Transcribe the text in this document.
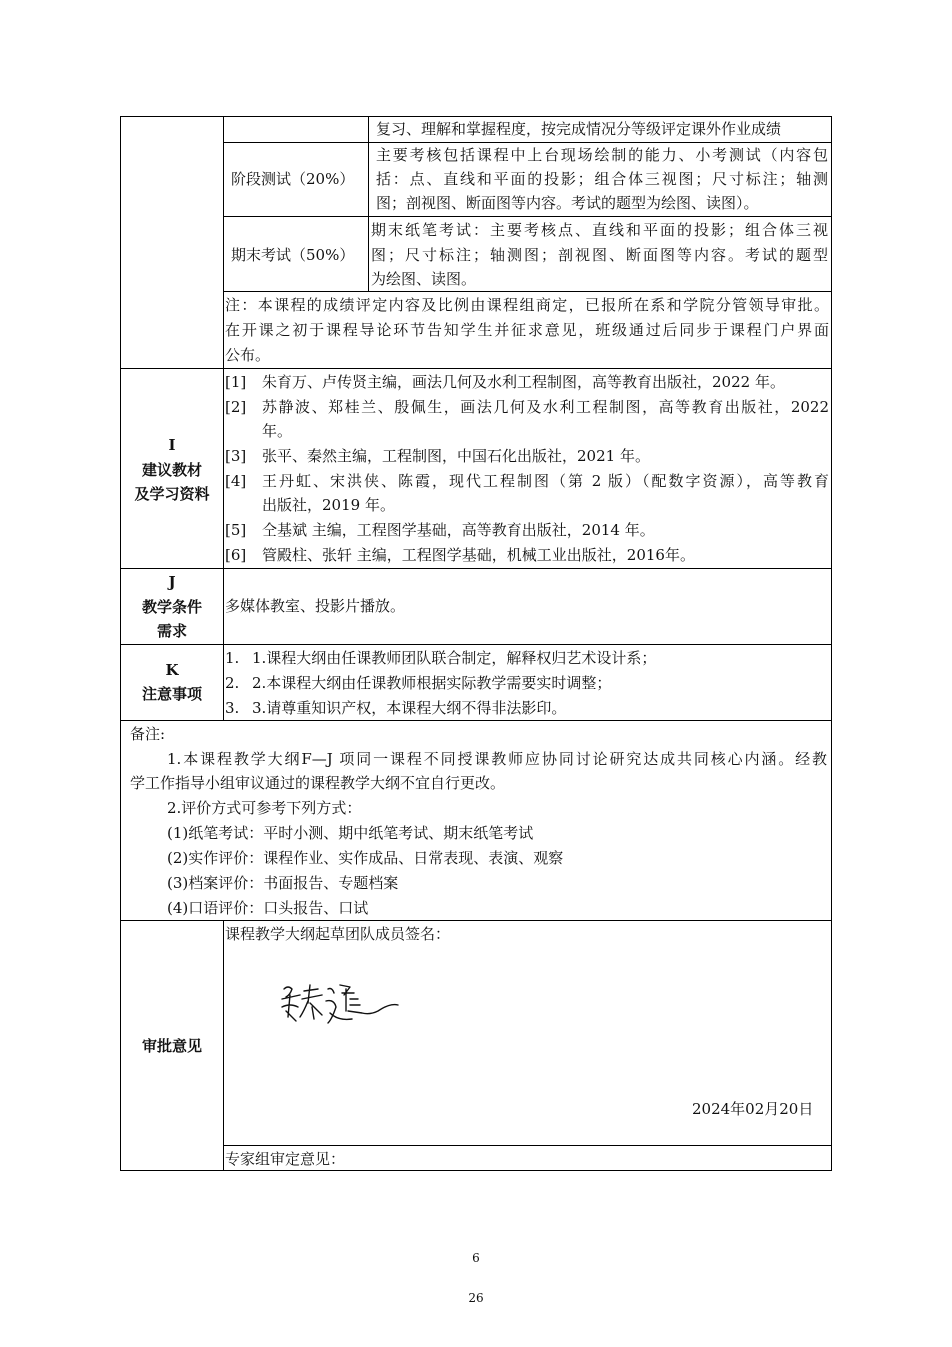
复习、理解和掌握程度，按完成情况分等级评定课外作业成绩
阶段测试（20%）
主要考核包括课程中上台现场绘制的能力、小考测试（内容包
括：点、直线和平面的投影；组合体三视图；尺寸标注；轴测
图；剖视图、断面图等内容。考试的题型为绘图、读图）。
期末考试（50%）
期末纸笔考试：主要考核点、直线和平面的投影；组合体三视
图；尺寸标注；轴测图；剖视图、断面图等内容。考试的题型
为绘图、读图。
注：本课程的成绩评定内容及比例由课程组商定，已报所在系和学院分管领导审批。
在开课之初于课程导论环节告知学生并征求意见，班级通过后同步于课程门户界面
公布。
I
建议教材
及学习资料
[1] 朱育万、卢传贤主编，画法几何及水利工程制图，高等教育出版社，2022 年。
[2] 苏静波、郑桂兰、殷佩生，画法几何及水利工程制图，高等教育出版社，2022
年。
[3] 张平、秦然主编，工程制图，中国石化出版社，2021 年。
[4] 王丹虹、宋洪侠、陈霞，现代工程制图（第 2 版）（配数字资源），高等教育
出版社，2019 年。
[5] 仝基斌 主编，工程图学基础，高等教育出版社，2014 年。
[6] 管殿柱、张轩 主编，工程图学基础，机械工业出版社，2016年。
J
教学条件
需求
多媒体教室、投影片播放。
K
注意事项
1. 1.课程大纲由任课教师团队联合制定，解释权归艺术设计系；
2. 2.本课程大纲由任课教师根据实际教学需要实时调整；
3. 3.请尊重知识产权，本课程大纲不得非法影印。
备注:
1.本课程教学大纲F—J 项同一课程不同授课教师应协同讨论研究达成共同核心内涵。经教
学工作指导小组审议通过的课程教学大纲不宜自行更改。
2.评价方式可参考下列方式：
(1)纸笔考试：平时小测、期中纸笔考试、期末纸笔考试
(2)实作评价：课程作业、实作成品、日常表现、表演、观察
(3)档案评价：书面报告、专题档案
(4)口语评价：口头报告、口试
审批意见
课程教学大纲起草团队成员签名：
2024年02月20日
专家组审定意见：
6
26
